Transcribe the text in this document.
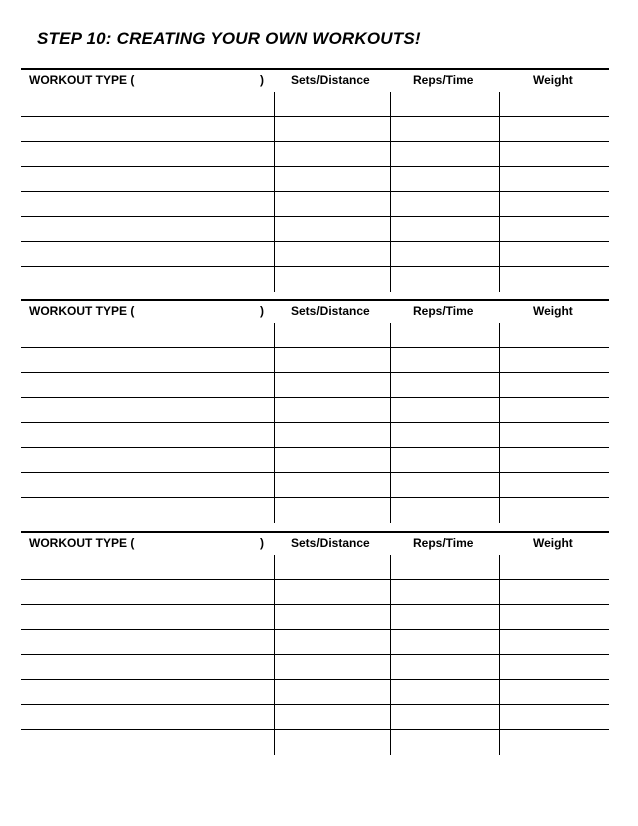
STEP 10: CREATING YOUR OWN WORKOUTS!
WORKOUT TYPE (	) Sets/Distance	Reps/Time	Weight
WORKOUT TYPE (	) Sets/Distance	Reps/Time	Weight
WORKOUT TYPE (	) Sets/Distance	Reps/Time	Weight
